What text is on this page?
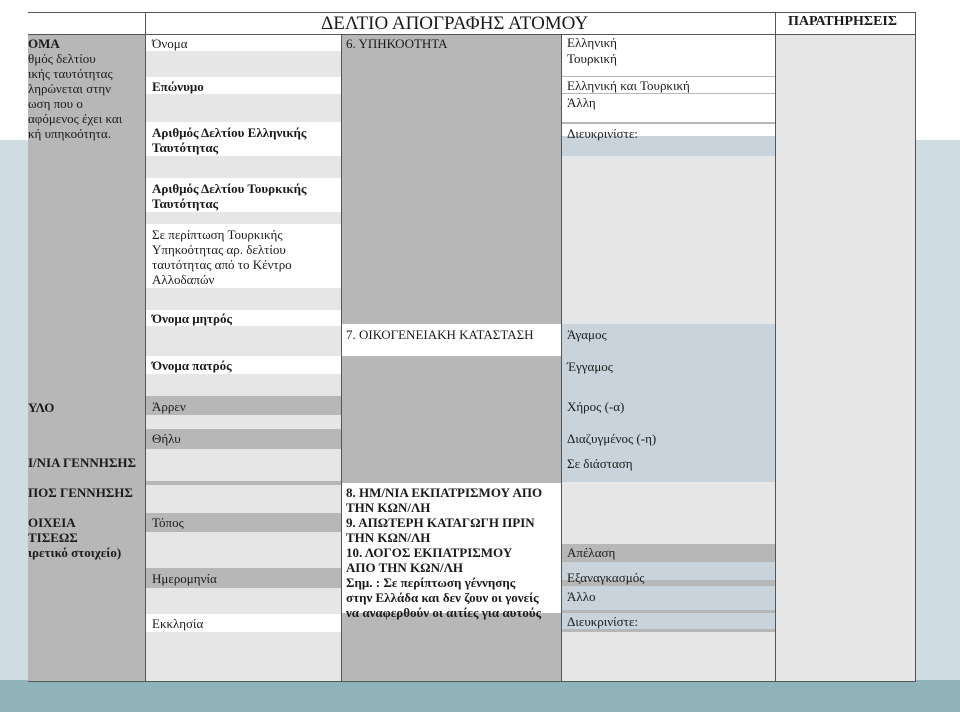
ΔΕΛΤΙΟ ΑΠΟΓΡΑΦΗΣ ΑΤΟΜΟΥ	ΠΑΡΑΤΗΡΗΣΕΙΣ
ΟΜΑ
θμός δελτίου
ικής ταυτότητας
ληρώνεται στην
ωση που ο
αφόμενος έχει και
κή υπηκοότητα.
ΥΛΟ
Ι/ΝΙΑ ΓΕΝΝΗΣΗΣ
ΠΟΣ ΓΕΝΝΗΣΗΣ
ΟΙΧΕΙΑ
ΤΙΣΕΩΣ
ιρετικό στοιχείο)
Όνομα
Επώνυμο
Αριθμός Δελτίου Ελληνικής
Ταυτότητας
Αριθμός Δελτίου Τουρκικής
Ταυτότητας
Σε περίπτωση Τουρκικής
Υπηκοότητας αρ. δελτίου
ταυτότητας από το Κέντρο
Αλλοδαπών
Όνομα μητρός
Όνομα πατρός
Άρρεν
Θήλυ
Τόπος
Ημερομηνία
Εκκλησία
6. ΥΠΗΚΟΟΤΗΤΑ
7. ΟΙΚΟΓΕΝΕΙΑΚΗ ΚΑΤΑΣΤΑΣΗ
8. ΗΜ/ΝΙΑ ΕΚΠΑΤΡΙΣΜΟΥ ΑΠΟ
ΤΗΝ ΚΩΝ/ΛΗ
9. ΑΠΩΤΕΡΗ ΚΑΤΑΓΩΓΗ ΠΡΙΝ
ΤΗΝ ΚΩΝ/ΛΗ
10. ΛΟΓΟΣ ΕΚΠΑΤΡΙΣΜΟΥ
ΑΠΟ ΤΗΝ ΚΩΝ/ΛΗ
Σημ. : Σε περίπτωση γέννησης
στην Ελλάδα και δεν ζουν οι γονείς
να αναφερθούν οι αιτίες για αυτούς
Ελληνική
Τουρκική
Ελληνική και Τουρκική
Άλλη
Διευκρινίστε:
Άγαμος
Έγγαμος
Χήρος (-α)
Διαζυγμένος (-η)
Σε διάσταση
Απέλαση
Εξαναγκασμός
Άλλο
Διευκρινίστε:
